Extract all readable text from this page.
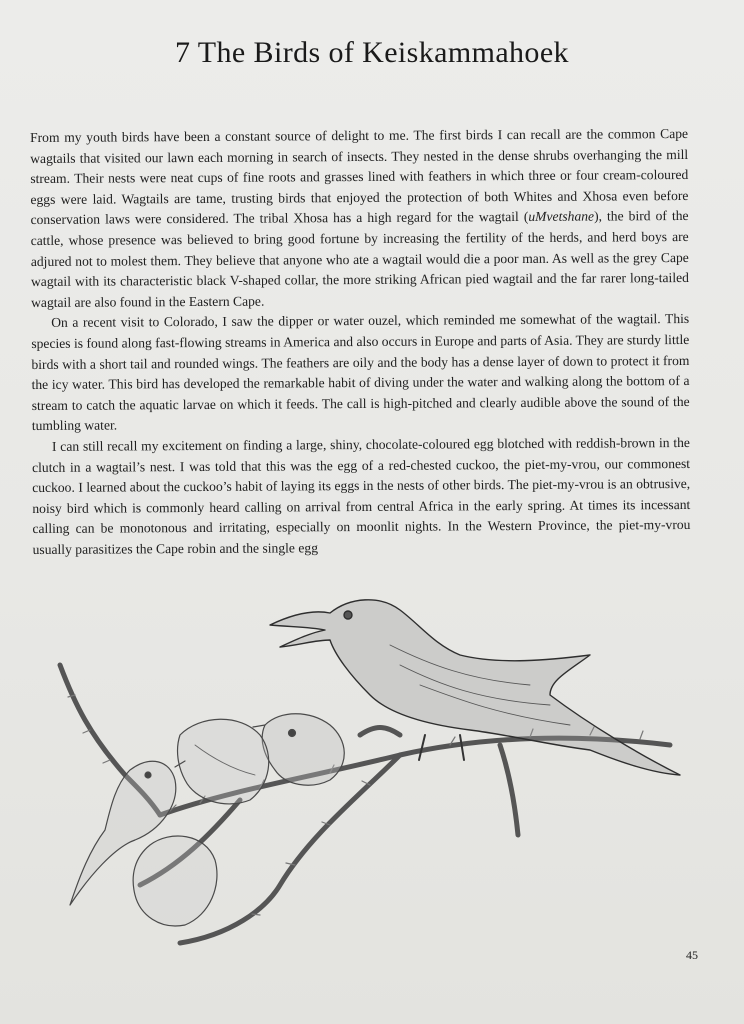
7 The Birds of Keiskammahoek

From my youth birds have been a constant source of delight to me. The first birds I can recall are the common Cape wagtails that visited our lawn each morning in search of insects. They nested in the dense shrubs overhanging the mill stream. Their nests were neat cups of fine roots and grasses lined with feathers in which three or four cream-coloured eggs were laid. Wagtails are tame, trusting birds that enjoyed the protection of both Whites and Xhosa even before conservation laws were considered. The tribal Xhosa has a high regard for the wagtail (uMvetshane), the bird of the cattle, whose presence was believed to bring good fortune by increasing the fertility of the herds, and herd boys are adjured not to molest them. They believe that anyone who ate a wagtail would die a poor man. As well as the grey Cape wagtail with its characteristic black V-shaped collar, the more striking African pied wagtail and the far rarer long-tailed wagtail are also found in the Eastern Cape.

On a recent visit to Colorado, I saw the dipper or water ouzel, which reminded me somewhat of the wagtail. This species is found along fast-flowing streams in America and also occurs in Europe and parts of Asia. They are sturdy little birds with a short tail and rounded wings. The feathers are oily and the body has a dense layer of down to protect it from the icy water. This bird has developed the remarkable habit of diving under the water and walking along the bottom of a stream to catch the aquatic larvae on which it feeds. The call is high-pitched and clearly audible above the sound of the tumbling water.

I can still recall my excitement on finding a large, shiny, chocolate-coloured egg blotched with reddish-brown in the clutch in a wagtail’s nest. I was told that this was the egg of a red-chested cuckoo, the piet-my-vrou, our commonest cuckoo. I learned about the cuckoo’s habit of laying its eggs in the nests of other birds. The piet-my-vrou is an obtrusive, noisy bird which is commonly heard calling on arrival from central Africa in the early spring. At times its incessant calling can be monotonous and irritating, especially on moonlit nights. In the Western Province, the piet-my-vrou usually parasitizes the Cape robin and the single egg

45
